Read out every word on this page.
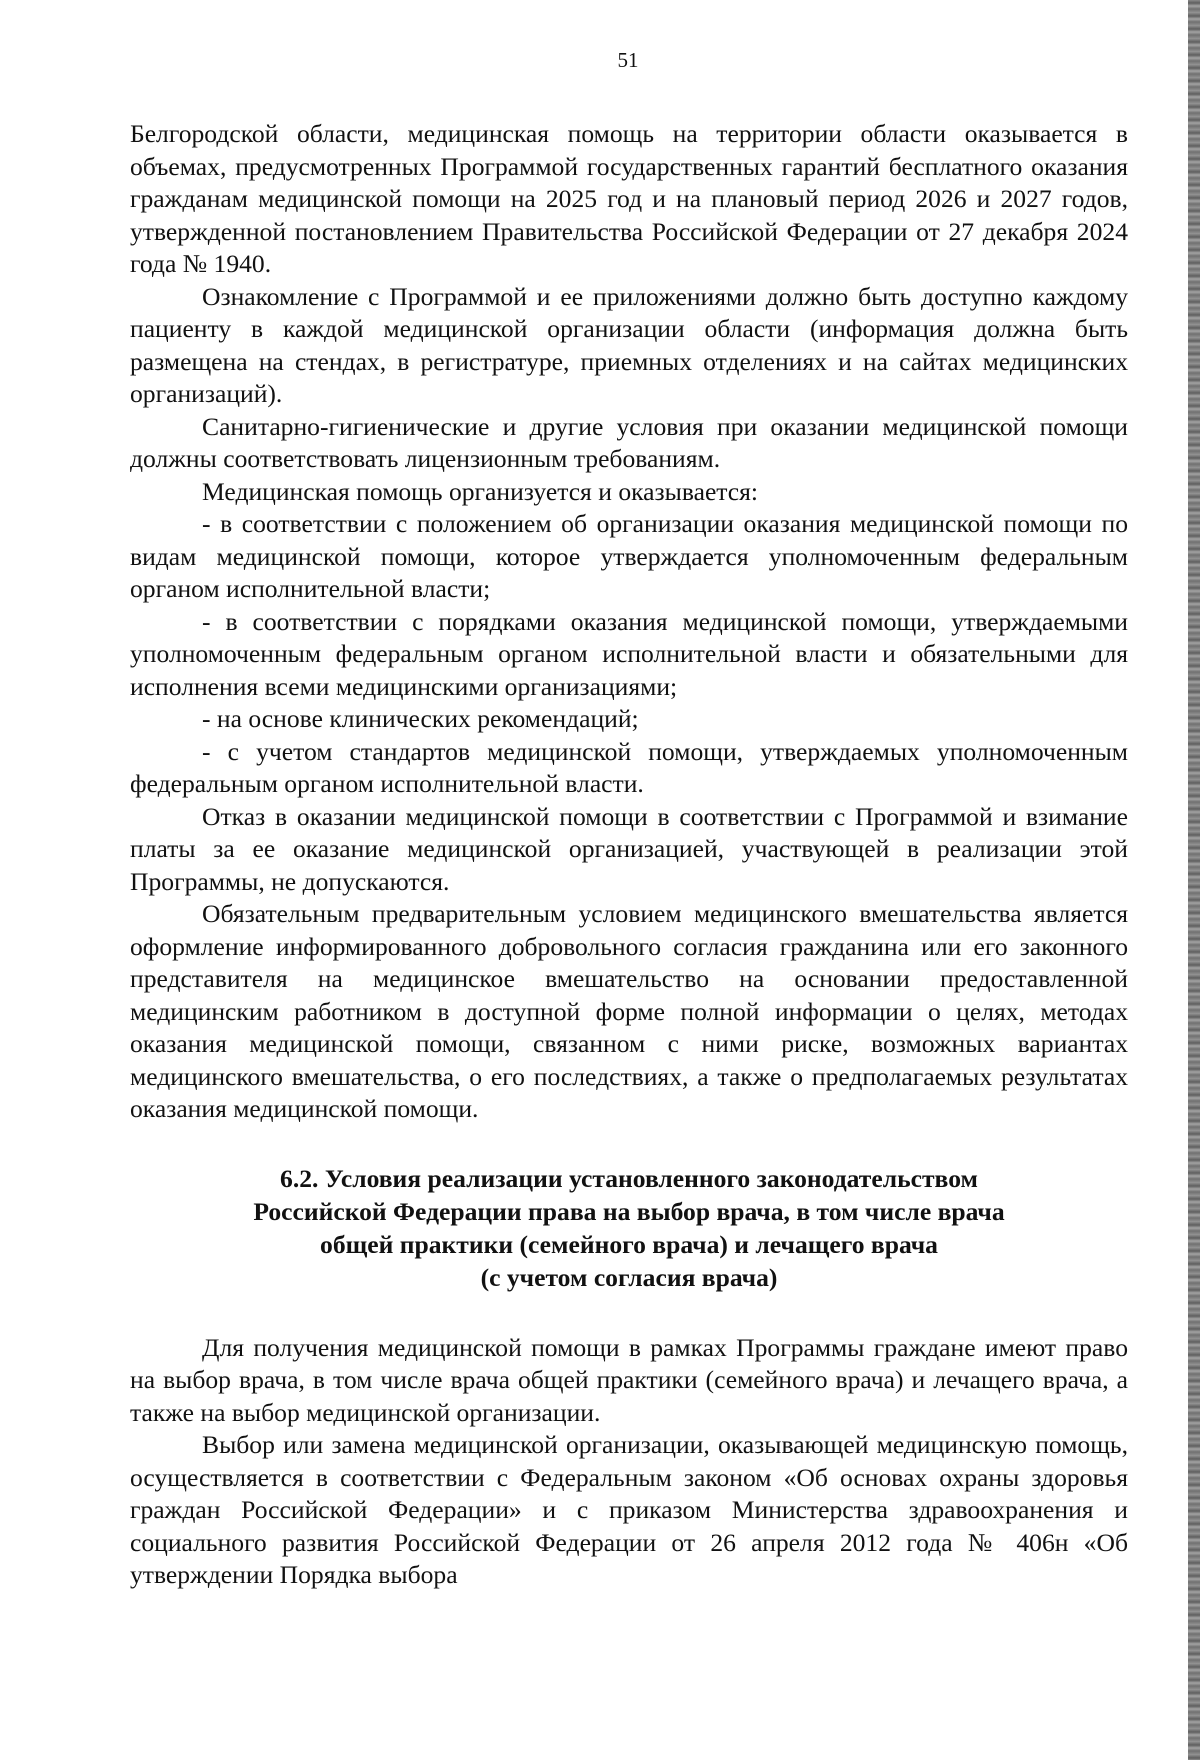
51

Белгородской области, медицинская помощь на территории области оказывается в объемах, предусмотренных Программой государственных гарантий бесплатного оказания гражданам медицинской помощи на 2025 год и на плановый период 2026 и 2027 годов, утвержденной постановлением Правительства Российской Федерации от 27 декабря 2024 года № 1940.

Ознакомление с Программой и ее приложениями должно быть доступно каждому пациенту в каждой медицинской организации области (информация должна быть размещена на стендах, в регистратуре, приемных отделениях и на сайтах медицинских организаций).

Санитарно-гигиенические и другие условия при оказании медицинской помощи должны соответствовать лицензионным требованиям.

Медицинская помощь организуется и оказывается:

- в соответствии с положением об организации оказания медицинской помощи по видам медицинской помощи, которое утверждается уполномоченным федеральным органом исполнительной власти;

- в соответствии с порядками оказания медицинской помощи, утверждаемыми уполномоченным федеральным органом исполнительной власти и обязательными для исполнения всеми медицинскими организациями;

- на основе клинических рекомендаций;

- с учетом стандартов медицинской помощи, утверждаемых уполномоченным федеральным органом исполнительной власти.

Отказ в оказании медицинской помощи в соответствии с Программой и взимание платы за ее оказание медицинской организацией, участвующей в реализации этой Программы, не допускаются.

Обязательным предварительным условием медицинского вмешательства является оформление информированного добровольного согласия гражданина или его законного представителя на медицинское вмешательство на основании предоставленной медицинским работником в доступной форме полной информации о целях, методах оказания медицинской помощи, связанном с ними риске, возможных вариантах медицинского вмешательства, о его последствиях, а также о предполагаемых результатах оказания медицинской помощи.

6.2. Условия реализации установленного законодательством
Российской Федерации права на выбор врача, в том числе врача
общей практики (семейного врача) и лечащего врача
(с учетом согласия врача)

Для получения медицинской помощи в рамках Программы граждане имеют право на выбор врача, в том числе врача общей практики (семейного врача) и лечащего врача, а также на выбор медицинской организации.

Выбор или замена медицинской организации, оказывающей медицинскую помощь, осуществляется в соответствии с Федеральным законом «Об основах охраны здоровья граждан Российской Федерации» и с приказом Министерства здравоохранения и социального развития Российской Федерации от 26 апреля 2012 года № 406н «Об утверждении Порядка выбора
